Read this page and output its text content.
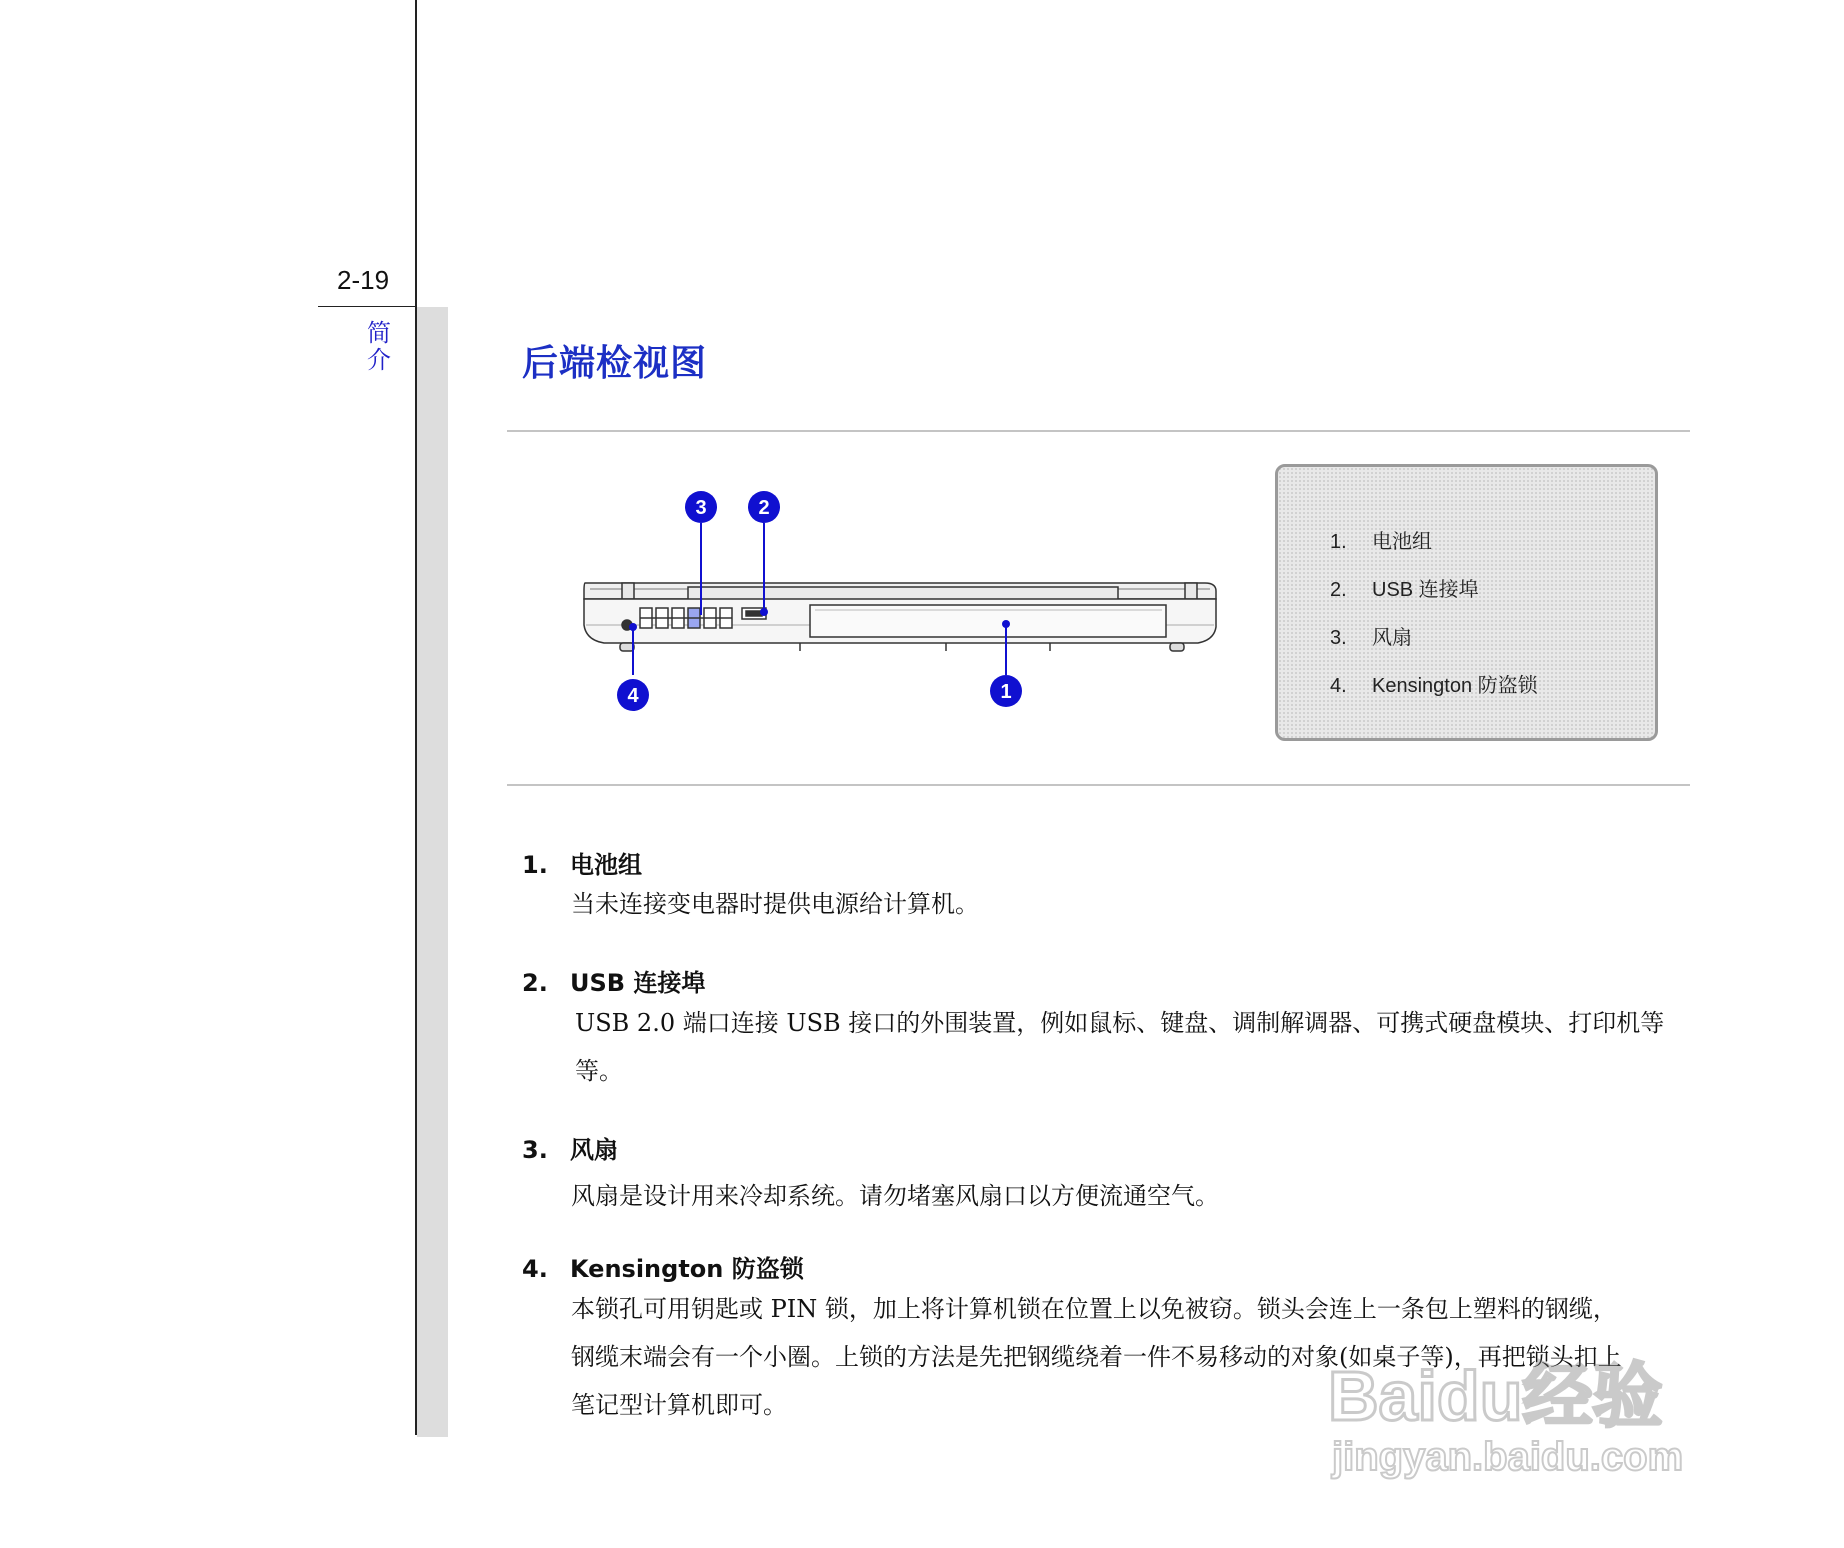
2-19
简介	后端检视图
3	2
1
4
1. 电池组
2. USB 连接埠
3. 风扇
4. Kensington 防盗锁
1. 电池组
当未连接变电器时提供电源给计算机。
2. USB 连接埠
USB 2.0 端口连接 USB 接口的外围装置，例如鼠标、键盘、调制解调器、可携式硬盘模块、打印机等等。
3. 风扇
风扇是设计用来冷却系统。请勿堵塞风扇口以方便流通空气。
4. Kensington 防盗锁
本锁孔可用钥匙或 PIN 锁，加上将计算机锁在位置上以免被窃。锁头会连上一条包上塑料的钢缆，钢缆末端会有一个小圈。上锁的方法是先把钢缆绕着一件不易移动的对象(如桌子等)，再把锁头扣上笔记型计算机即可。	Baidu经验
jingyan.baidu.com
